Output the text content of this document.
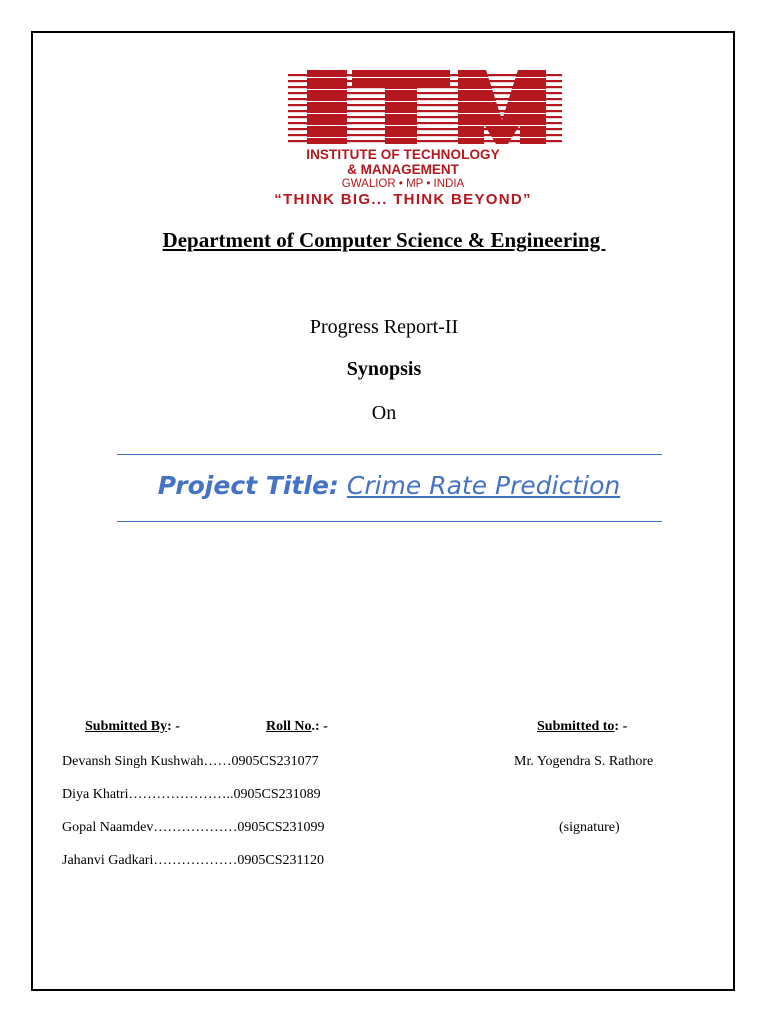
INSTITUTE OF TECHNOLOGY
& MANAGEMENT
GWALIOR • MP • INDIA
“THINK BIG... THINK BEYOND”
Department of Computer Science & Engineering
Progress Report-II
Synopsis
On
Project Title: Crime Rate Prediction
Submitted By: -	Roll No.: -	Submitted to: -
Devansh Singh Kushwah……0905CS231077
Diya Khatri…………………..0905CS231089
Gopal Naamdev………………0905CS231099
Jahanvi Gadkari………………0905CS231120
Mr. Yogendra S. Rathore
(signature)
